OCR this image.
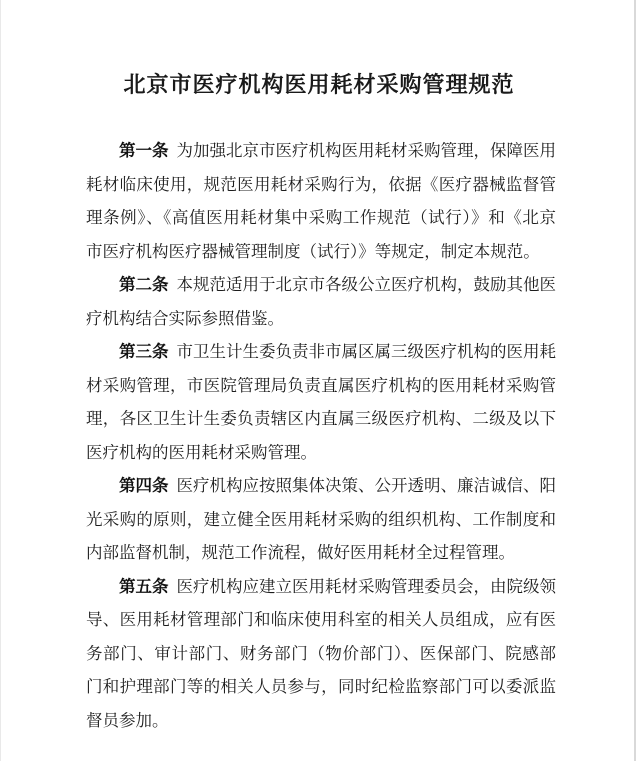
北京市医疗机构医用耗材采购管理规范

第一条 为加强北京市医疗机构医用耗材采购管理，保障医用耗材临床使用，规范医用耗材采购行为，依据《医疗器械监督管理条例》、《高值医用耗材集中采购工作规范（试行）》和《北京市医疗机构医疗器械管理制度（试行）》等规定，制定本规范。

第二条 本规范适用于北京市各级公立医疗机构，鼓励其他医疗机构结合实际参照借鉴。

第三条 市卫生计生委负责非市属区属三级医疗机构的医用耗材采购管理，市医院管理局负责直属医疗机构的医用耗材采购管理，各区卫生计生委负责辖区内直属三级医疗机构、二级及以下医疗机构的医用耗材采购管理。

第四条 医疗机构应按照集体决策、公开透明、廉洁诚信、阳光采购的原则，建立健全医用耗材采购的组织机构、工作制度和内部监督机制，规范工作流程，做好医用耗材全过程管理。

第五条 医疗机构应建立医用耗材采购管理委员会，由院级领导、医用耗材管理部门和临床使用科室的相关人员组成，应有医务部门、审计部门、财务部门（物价部门）、医保部门、院感部门和护理部门等的相关人员参与，同时纪检监察部门可以委派监督员参加。
